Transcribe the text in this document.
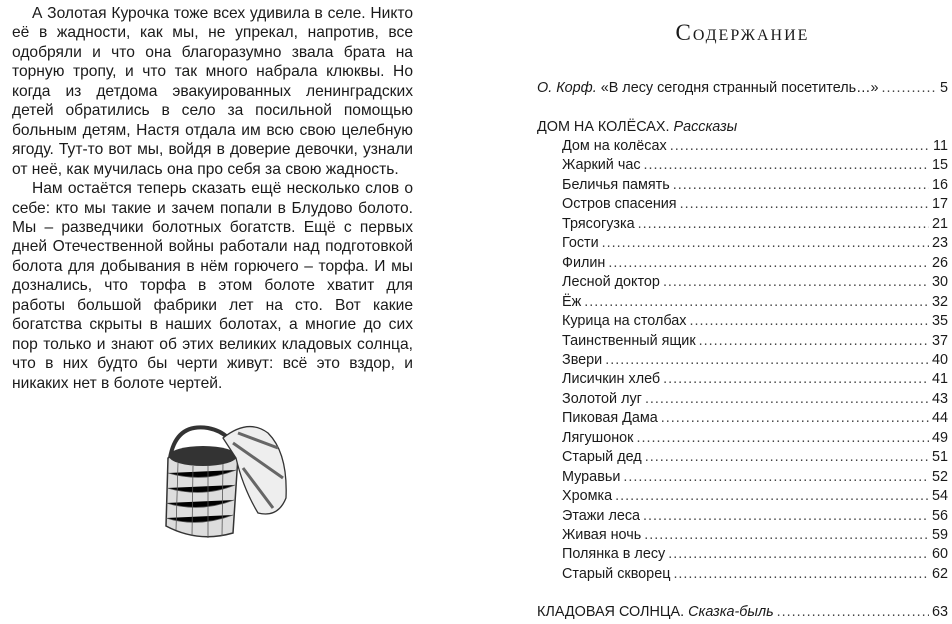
А Золотая Курочка тоже всех удивила в селе. Никто её в жадности, как мы, не упрекал, напротив, все одобряли и что она благоразумно звала брата на торную тропу, и что так много набрала клюквы. Но когда из детдома эвакуированных ленинградских детей обратились в село за посильной помощью больным детям, Настя отдала им всю свою целебную ягоду. Тут-то вот мы, войдя в доверие девочки, узнали от неё, как мучилась она про себя за свою жадность.

Нам остаётся теперь сказать ещё несколько слов о себе: кто мы такие и зачем попали в Блудово болото. Мы – разведчики болотных богатств. Ещё с первых дней Отечественной войны работали над подготовкой болота для добывания в нём горючего – торфа. И мы дознались, что торфа в этом болоте хватит для работы большой фабрики лет на сто. Вот какие богатства скрыты в наших болотах, а многие до сих пор только и знают об этих великих кладовых солнца, что в них будто бы черти живут: всё это вздор, и никаких нет в болоте чертей.

Содержание
О. Корф.
«В лесу сегодня странный посетитель…» .....	5
ДОМ НА КОЛЁСАХ.
Рассказы
Дом на колёсах .....	11
Жаркий час .....	15
Беличья память .....	16
Остров спасения .....	17
Трясогузка .....	21
Гости .....	23
Филин .....	26
Лесной доктор .....	30
Ёж .....	32
Курица на столбах .....	35
Таинственный ящик .....	37
Звери .....	40
Лисичкин хлеб .....	41
Золотой луг .....	43
Пиковая Дама .....	44
Лягушонок .....	49
Старый дед .....	51
Муравьи .....	52
Хромка .....	54
Этажи леса .....	56
Живая ночь .....	59
Полянка в лесу .....	60
Старый скворец .....	62
КЛАДОВАЯ СОЛНЦА.
Сказка-быль .....	63
